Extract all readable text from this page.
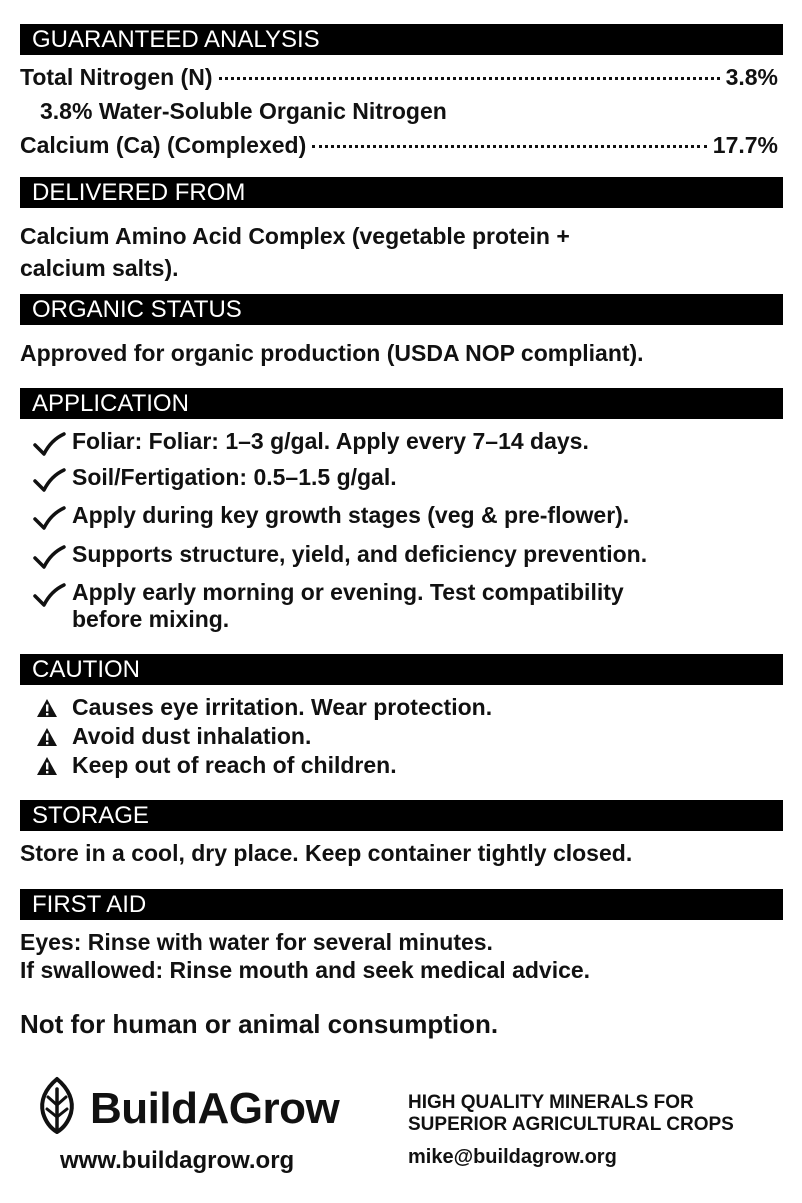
GUARANTEED ANALYSIS
Total Nitrogen (N)	3.8%
3.8% Water-Soluble Organic Nitrogen
Calcium (Ca) (Complexed)	17.7%
DELIVERED FROM
Calcium Amino Acid Complex (vegetable protein +
calcium salts).
ORGANIC STATUS
Approved for organic production (USDA NOP compliant).
APPLICATION
Foliar: Foliar: 1–3 g/gal. Apply every 7–14 days.
Soil/Fertigation: 0.5–1.5 g/gal.
Apply during key growth stages (veg & pre-flower).
Supports structure, yield, and deficiency prevention.
Apply early morning or evening. Test compatibility
before mixing.
CAUTION
Causes eye irritation. Wear protection.
Avoid dust inhalation.
Keep out of reach of children.
STORAGE
Store in a cool, dry place. Keep container tightly closed.
FIRST AID
Eyes: Rinse with water for several minutes.
If swallowed: Rinse mouth and seek medical advice.
Not for human or animal consumption.
BuildAGrow
www.buildagrow.org
HIGH QUALITY MINERALS FOR
SUPERIOR AGRICULTURAL CROPS
mike@buildagrow.org
